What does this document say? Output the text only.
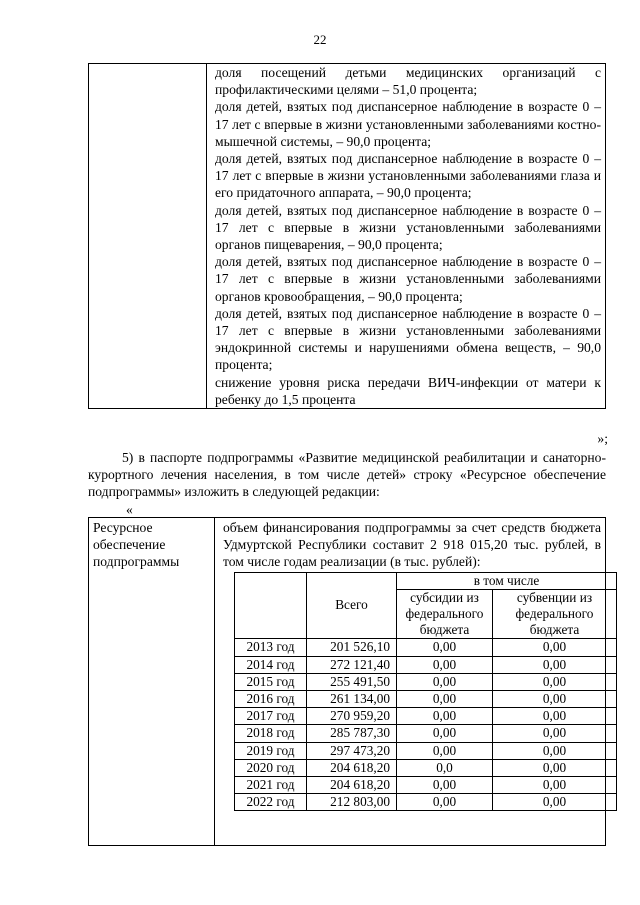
22

доля посещений детьми медицинских организаций с профилактическими целями – 51,0 процента;
доля детей, взятых под диспансерное наблюдение в возрасте 0 – 17 лет с впервые в жизни установленными заболеваниями костно-мышечной системы, – 90,0 процента;
доля детей, взятых под диспансерное наблюдение в возрасте 0 – 17 лет с впервые в жизни установленными заболеваниями глаза и его придаточного аппарата, – 90,0 процента;
доля детей, взятых под диспансерное наблюдение в возрасте 0 – 17 лет с впервые в жизни установленными заболеваниями органов пищеварения, – 90,0 процента;
доля детей, взятых под диспансерное наблюдение в возрасте 0 – 17 лет с впервые в жизни установленными заболеваниями органов кровообращения, – 90,0 процента;
доля детей, взятых под диспансерное наблюдение в возрасте 0 – 17 лет с впервые в жизни установленными заболеваниями эндокринной системы и нарушениями обмена веществ, – 90,0 процента;
снижение уровня риска передачи ВИЧ-инфекции от матери к ребенку до 1,5 процента
»;
5) в паспорте подпрограммы «Развитие медицинской реабилитации и санаторно-курортного лечения населения, в том числе детей» строку «Ресурсное обеспечение подпрограммы» изложить в следующей редакции:
«
Ресурсное обеспечение подпрограммы	
объем финансирования подпрограммы за счет средств бюджета Удмуртской Республики составит 2 918 015,20 тыс. рублей, в том числе годам реализации (в тыс. рублей):
	Всего	в том числе
субсидии из федерального бюджета	субвенции из федерального бюджета
2013 год	201 526,10	0,00	0,00
2014 год	272 121,40	0,00	0,00
2015 год	255 491,50	0,00	0,00
2016 год	261 134,00	0,00	0,00
2017 год	270 959,20	0,00	0,00
2018 год	285 787,30	0,00	0,00
2019 год	297 473,20	0,00	0,00
2020 год	204 618,20	0,0	0,00
2021 год	204 618,20	0,00	0,00
2022 год	212 803,00	0,00	0,00
